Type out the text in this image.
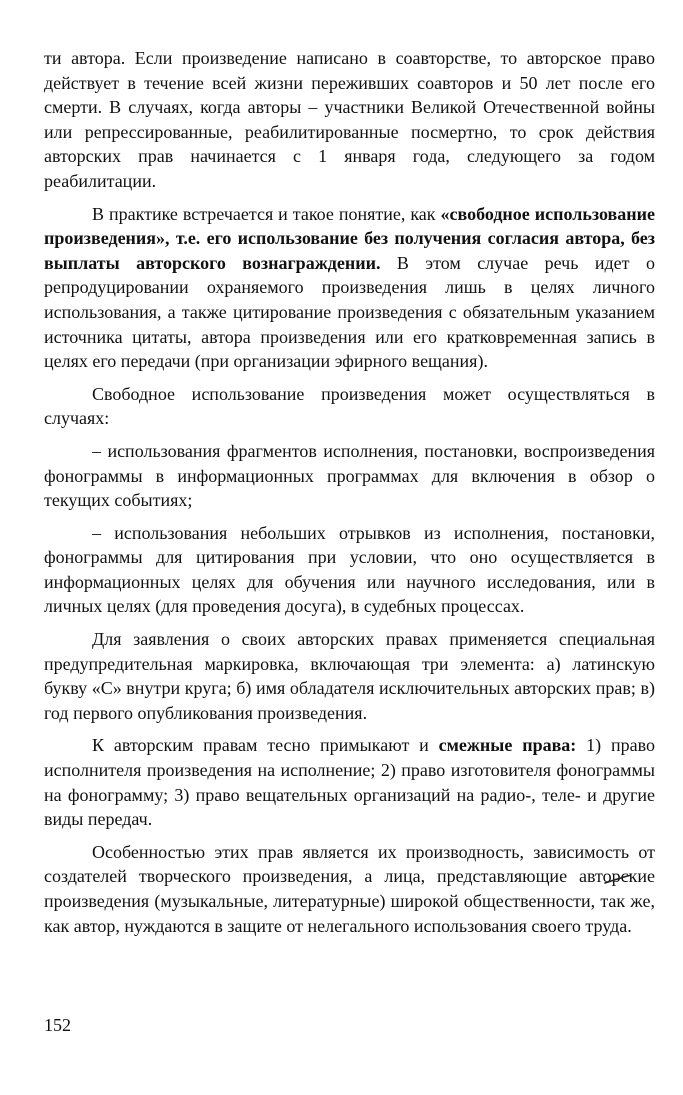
ти автора. Если произведение написано в соавторстве, то авторское право действует в течение всей жизни переживших соавторов и 50 лет после его смерти. В случаях, когда авторы – участники Великой Отечественной войны или репрессированные, реабилитированные посмертно, то срок действия авторских прав начинается с 1 января года, следующего за годом реабилитации.

В практике встречается и такое понятие, как «свободное использование произведения», т.е. его использование без получения согласия автора, без выплаты авторского вознаграждении. В этом случае речь идет о репродуцировании охраняемого произведения лишь в целях личного использования, а также цитирование произведения с обязательным указанием источника цитаты, автора произведения или его кратковременная запись в целях его передачи (при организации эфирного вещания).

Свободное использование произведения может осуществляться в случаях:

– использования фрагментов исполнения, постановки, воспроизведения фонограммы в информационных программах для включения в обзор о текущих событиях;

– использования небольших отрывков из исполнения, постановки, фонограммы для цитирования при условии, что оно осуществляется в информационных целях для обучения или научного исследования, или в личных целях (для проведения досуга), в судебных процессах.

Для заявления о своих авторских правах применяется специальная предупредительная маркировка, включающая три элемента: а) латинскую букву «С» внутри круга; б) имя обладателя исключительных авторских прав; в) год первого опубликования произведения.

К авторским правам тесно примыкают и смежные права: 1) право исполнителя произведения на исполнение; 2) право изготовителя фонограммы на фонограмму; 3) право вещательных организаций на радио-, теле- и другие виды передач.

Особенностью этих прав является их производность, зависимость от создателей творческого произведения, а лица, представляющие авторские произведения (музыкальные, литературные) широкой общественности, так же, как автор, нуждаются в защите от нелегального использования своего труда.

152
